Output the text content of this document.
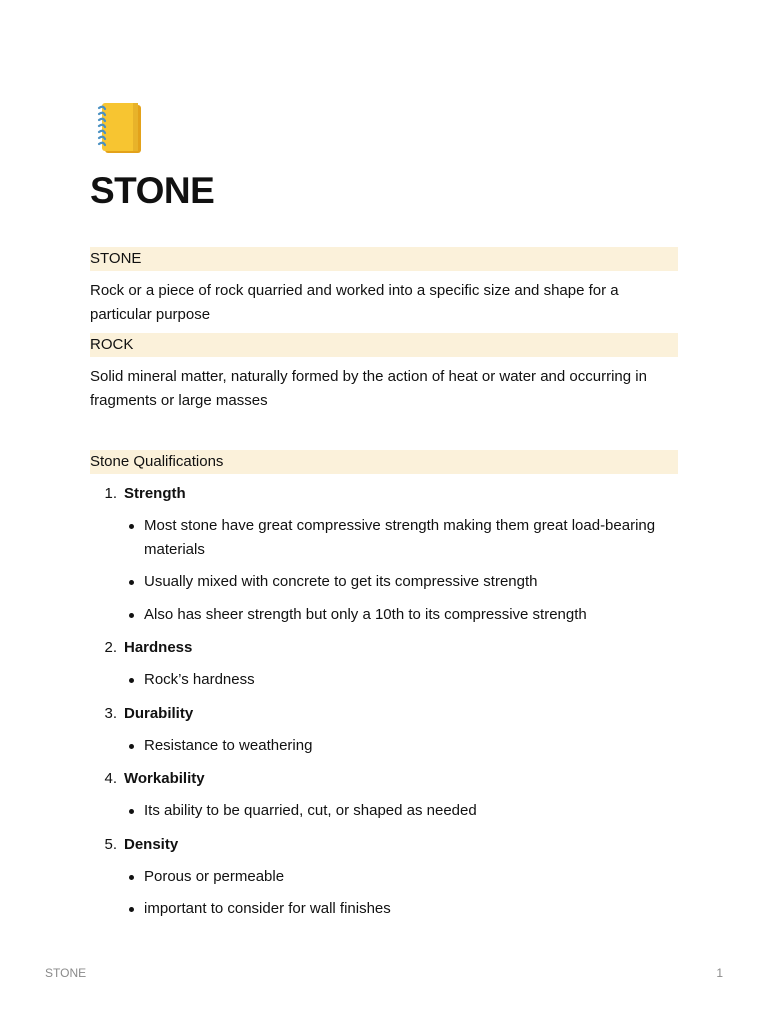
STONE
STONE

Rock or a piece of rock quarried and worked into a specific size and shape for a particular purpose

ROCK

Solid mineral matter, naturally formed by the action of heat or water and occurring in fragments or large masses

Stone Qualifications
1. Strength
Most stone have great compressive strength making them great load-bearing materials
Usually mixed with concrete to get its compressive strength
Also has sheer strength but only a 10th to its compressive strength
2. Hardness
Rock’s hardness
3. Durability
Resistance to weathering
4. Workability
Its ability to be quarried, cut, or shaped as needed
5. Density
Porous or permeable
important to consider for wall finishes
STONE	1
